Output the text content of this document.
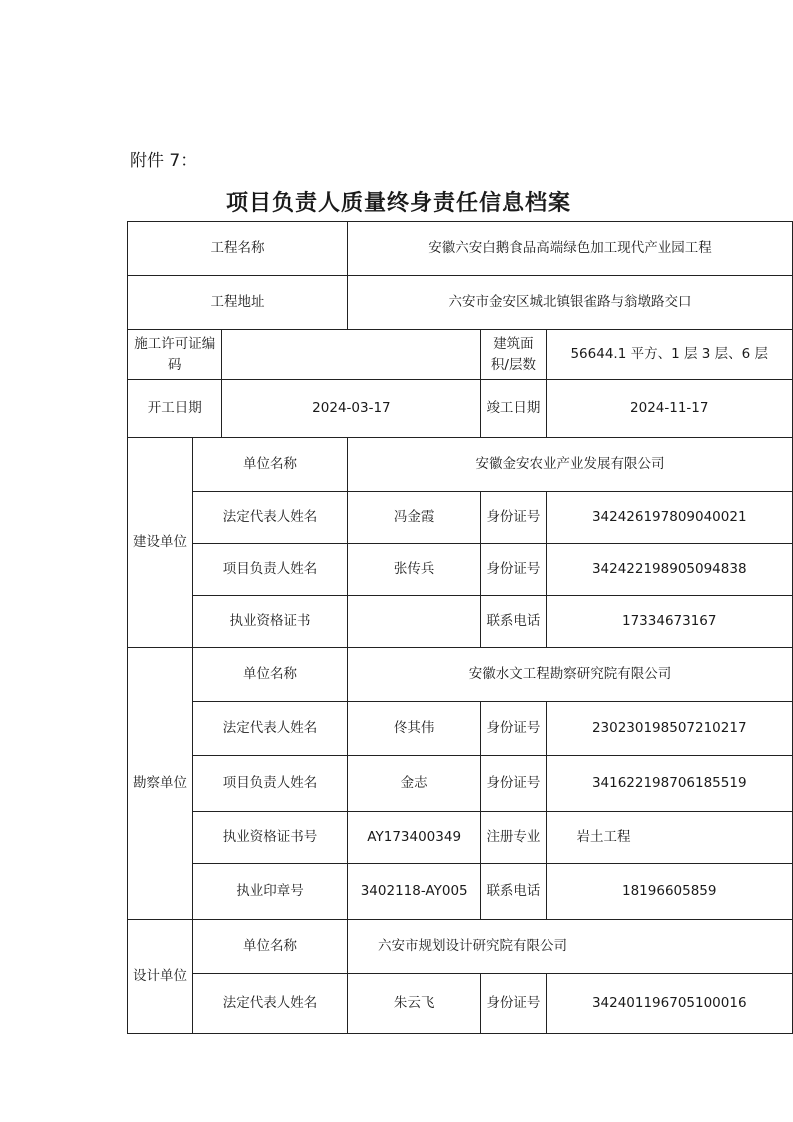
附件 7：
项目负责人质量终身责任信息档案
工程名称			安徽六安白鹅食品高端绿色加工现代产业园工程		
工程地址			六安市金安区城北镇银雀路与翁墩路交口		
施工许可证编码				建筑面积/层数	56644.1 平方、1 层 3 层、6 层
开工日期		2024-03-17		竣工日期	2024-11-17
建设单位	单位名称		安徽金安农业产业发展有限公司		
	法定代表人姓名		冯金霞	身份证号	342426197809040021
	项目负责人姓名		张传兵	身份证号	342422198905094838
	执业资格证书			联系电话	17334673167
勘察单位	单位名称		安徽水文工程勘察研究院有限公司		
	法定代表人姓名		佟其伟	身份证号	230230198507210217
	项目负责人姓名		金志	身份证号	341622198706185519
	执业资格证书号		AY173400349	注册专业	岩土工程
	执业印章号		3402118-AY005	联系电话	18196605859
设计单位	单位名称		六安市规划设计研究院有限公司		
	法定代表人姓名		朱云飞	身份证号	342401196705100016
